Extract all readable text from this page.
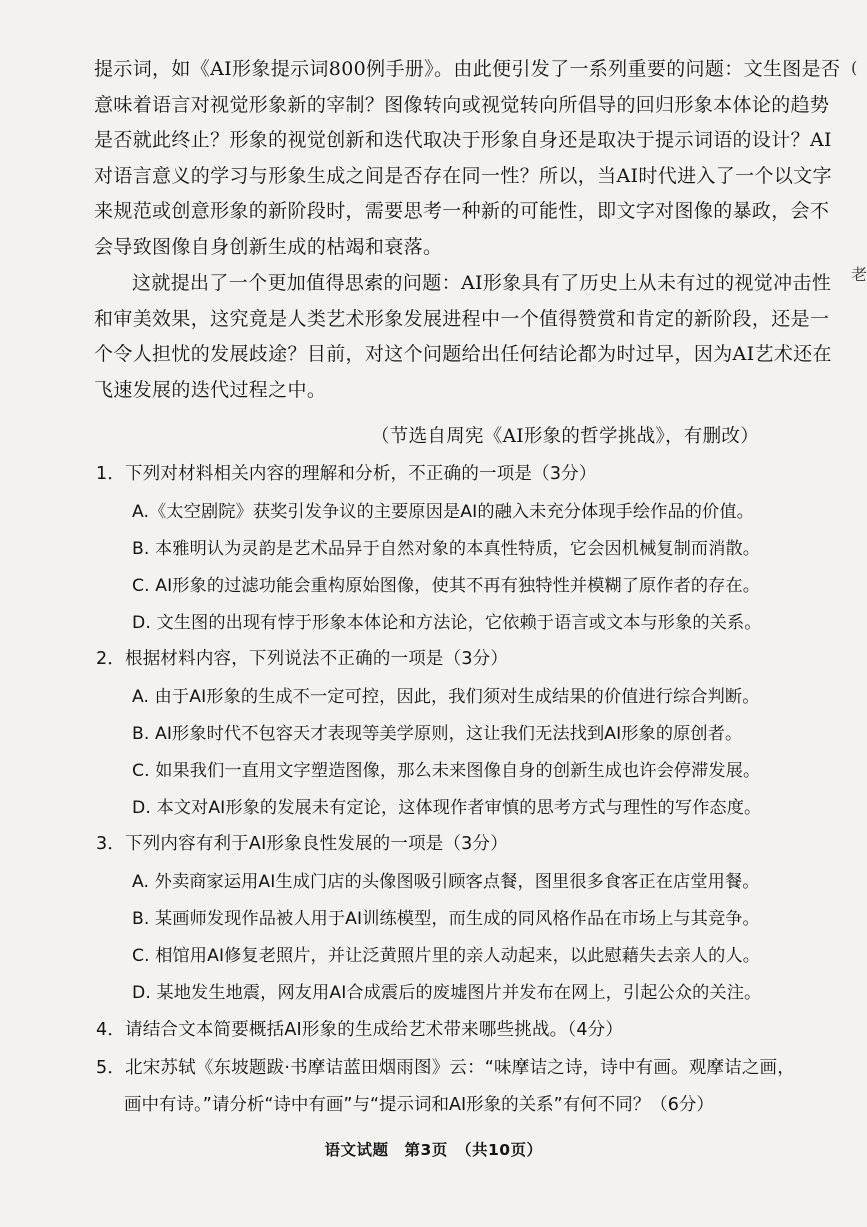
提示词，如《AI形象提示词800例手册》。由此便引发了一系列重要的问题：文生图是否

意味着语言对视觉形象新的宰制？图像转向或视觉转向所倡导的回归形象本体论的趋势

是否就此终止？形象的视觉创新和迭代取决于形象自身还是取决于提示词语的设计？AI

对语言意义的学习与形象生成之间是否存在同一性？所以，当AI时代进入了一个以文字

来规范或创意形象的新阶段时，需要思考一种新的可能性，即文字对图像的暴政，会不

会导致图像自身创新生成的枯竭和衰落。

这就提出了一个更加值得思索的问题：AI形象具有了历史上从未有过的视觉冲击性

和审美效果，这究竟是人类艺术形象发展进程中一个值得赞赏和肯定的新阶段，还是一

个令人担忧的发展歧途？目前，对这个问题给出任何结论都为时过早，因为AI艺术还在

飞速发展的迭代过程之中。

（节选自周宪《AI形象的哲学挑战》，有删改）
1．下列对材料相关内容的理解和分析，不正确的一项是（3分）
A.《太空剧院》获奖引发争议的主要原因是AI的融入未充分体现手绘作品的价值。
B. 本雅明认为灵韵是艺术品异于自然对象的本真性特质，它会因机械复制而消散。
C. AI形象的过滤功能会重构原始图像，使其不再有独特性并模糊了原作者的存在。
D. 文生图的出现有悖于形象本体论和方法论，它依赖于语言或文本与形象的关系。
2．根据材料内容，下列说法不正确的一项是（3分）
A. 由于AI形象的生成不一定可控，因此，我们须对生成结果的价值进行综合判断。
B. AI形象时代不包容天才表现等美学原则，这让我们无法找到AI形象的原创者。
C. 如果我们一直用文字塑造图像，那么未来图像自身的创新生成也许会停滞发展。
D. 本文对AI形象的发展未有定论，这体现作者审慎的思考方式与理性的写作态度。
3．下列内容有利于AI形象良性发展的一项是（3分）
A. 外卖商家运用AI生成门店的头像图吸引顾客点餐，图里很多食客正在店堂用餐。
B. 某画师发现作品被人用于AI训练模型，而生成的同风格作品在市场上与其竞争。
C. 相馆用AI修复老照片，并让泛黄照片里的亲人动起来，以此慰藉失去亲人的人。
D. 某地发生地震，网友用AI合成震后的废墟图片并发布在网上，引起公众的关注。
4．请结合文本简要概括AI形象的生成给艺术带来哪些挑战。（4分）
5．北宋苏轼《东坡题跋·书摩诘蓝田烟雨图》云：“味摩诘之诗，诗中有画。观摩诘之画，
画中有诗。”请分析“诗中有画”与“提示词和AI形象的关系”有何不同？（6分）
语文试题　第3页　（共10页）
(
老
